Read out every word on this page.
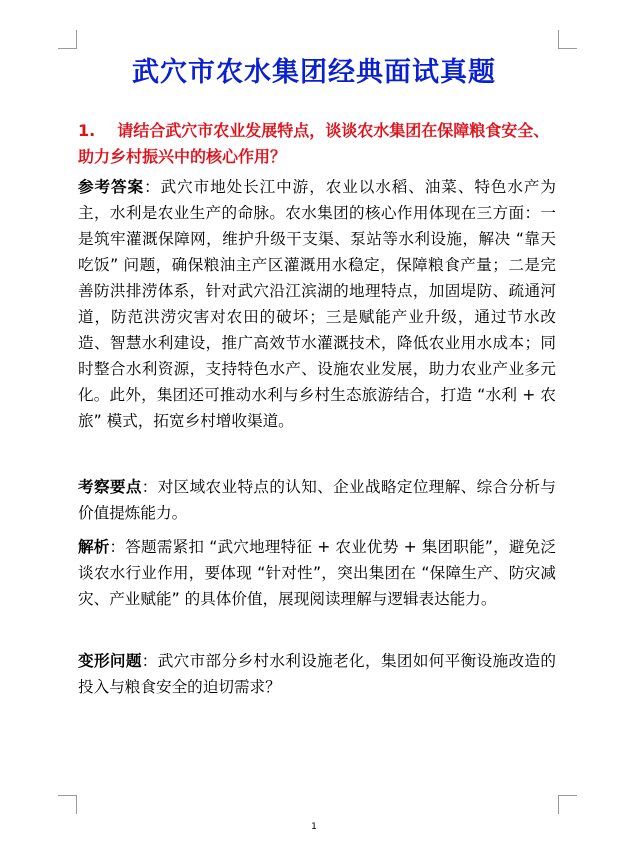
武穴市农水集团经典面试真题

1. 请结合武穴市农业发展特点，谈谈农水集团在保障粮食安全、助力乡村振兴中的核心作用？

参考答案：武穴市地处长江中游，农业以水稻、油菜、特色水产为主，水利是农业生产的命脉。农水集团的核心作用体现在三方面：一是筑牢灌溉保障网，维护升级干支渠、泵站等水利设施，解决 “靠天吃饭” 问题，确保粮油主产区灌溉用水稳定，保障粮食产量；二是完善防洪排涝体系，针对武穴沿江滨湖的地理特点，加固堤防、疏通河道，防范洪涝灾害对农田的破坏；三是赋能产业升级，通过节水改造、智慧水利建设，推广高效节水灌溉技术，降低农业用水成本；同时整合水利资源，支持特色水产、设施农业发展，助力农业产业多元化。此外，集团还可推动水利与乡村生态旅游结合，打造 “水利 + 农旅” 模式，拓宽乡村增收渠道。

考察要点：对区域农业特点的认知、企业战略定位理解、综合分析与价值提炼能力。

解析：答题需紧扣 “武穴地理特征 + 农业优势 + 集团职能”，避免泛谈农水行业作用，要体现 “针对性”，突出集团在 “保障生产、防灾减灾、产业赋能” 的具体价值，展现阅读理解与逻辑表达能力。

变形问题：武穴市部分乡村水利设施老化，集团如何平衡设施改造的投入与粮食安全的迫切需求？

1
